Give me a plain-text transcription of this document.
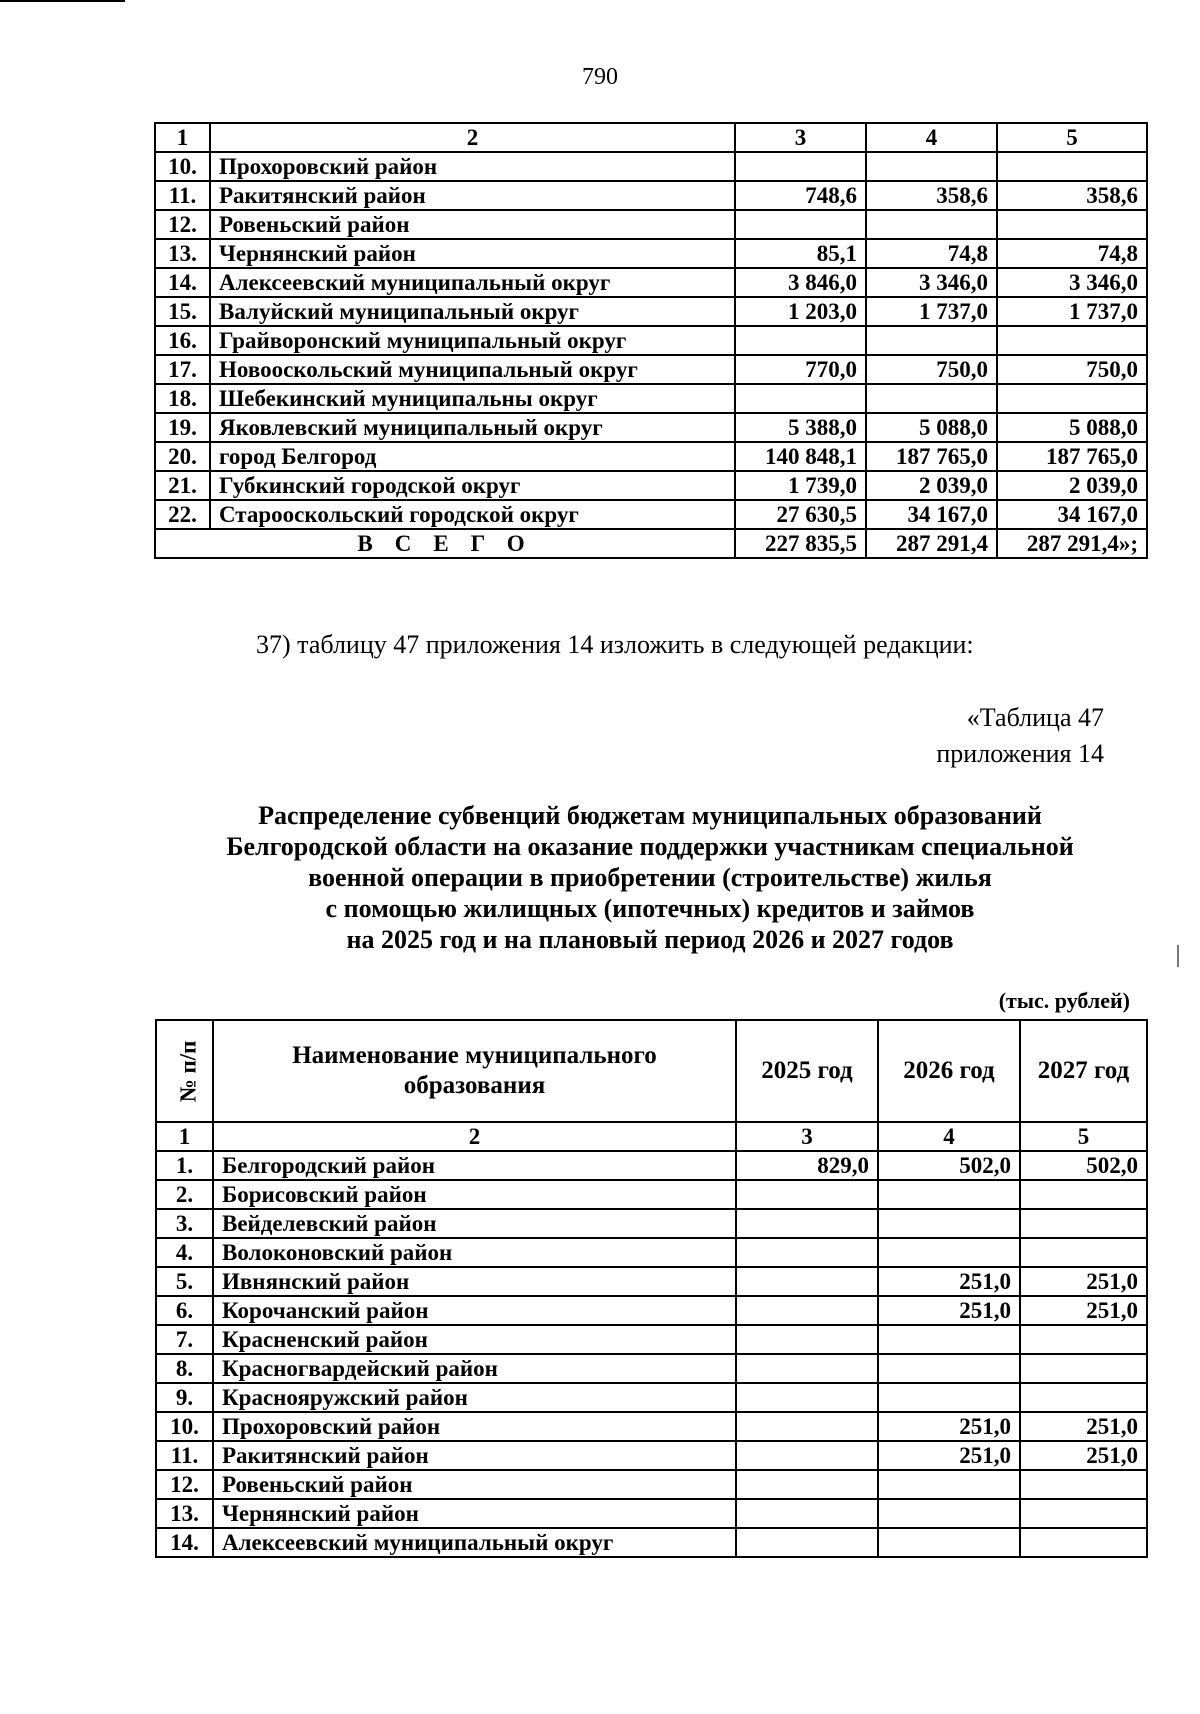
790
1	2	3	4	5
10.	Прохоровский район			
11.	Ракитянский район	748,6	358,6	358,6
12.	Ровеньский район			
13.	Чернянский район	85,1	74,8	74,8
14.	Алексеевский муниципальный округ	3 846,0	3 346,0	3 346,0
15.	Валуйский муниципальный округ	1 203,0	1 737,0	1 737,0
16.	Грайворонский муниципальный округ			
17.	Новооскольский муниципальный округ	770,0	750,0	750,0
18.	Шебекинский муниципальны округ			
19.	Яковлевский муниципальный округ	5 388,0	5 088,0	5 088,0
20.	город Белгород	140 848,1	187 765,0	187 765,0
21.	Губкинский городской округ	1 739,0	2 039,0	2 039,0
22.	Старооскольский городской округ	27 630,5	34 167,0	34 167,0
ВСЕГО		227 835,5	287 291,4	287 291,4»;
37) таблицу 47 приложения 14 изложить в следующей редакции:
«Таблица 47
приложения 14
Распределение субвенций бюджетам муниципальных образований
Белгородской области на оказание поддержки участникам специальной
военной операции в приобретении (строительстве) жилья
с помощью жилищных (ипотечных) кредитов и займов
на 2025 год и на плановый период 2026 и 2027 годов
(тыс. рублей)
№ п/п	Наименование муниципального образования	2025 год	2026 год	2027 год
1	2	3	4	5
1.	Белгородский район	829,0	502,0	502,0
2.	Борисовский район			
3.	Вейделевский район			
4.	Волоконовский район			
5.	Ивнянский район		251,0	251,0
6.	Корочанский район		251,0	251,0
7.	Красненский район			
8.	Красногвардейский район			
9.	Краснояружский район			
10.	Прохоровский район		251,0	251,0
11.	Ракитянский район		251,0	251,0
12.	Ровеньский район			
13.	Чернянский район			
14.	Алексеевский муниципальный округ			
